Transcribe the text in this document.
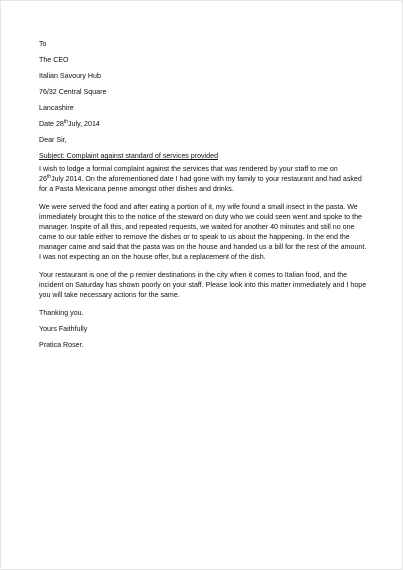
To
The CEO
Italian Savoury Hub
76/32 Central Square
Lancashire
Date 28thJuly, 2014
Dear Sir,
Subject: Complaint against standard of services provided
I wish to lodge a formal complaint against the services that was rendered by your staff to me on
26thJuly 2014. On the aforementioned date I had gone with my family to your restaurant and had asked for a Pasta Mexicana penne amongst other dishes and drinks.
We were served the food and after eating a portion of it, my wife found a small insect in the pasta. We immediately brought this to the notice of the steward on duty who we could seen went and spoke to the manager. Inspite of all this, and repeated requests, we waited for another 40 minutes and still no one came to our table either to remove the dishes or to speak to us about the happening. In the end the manager came and said that the pasta was on the house and handed us a bill for the rest of the amount. I was not expecting an on the house offer, but a replacement of the dish.
Your restaurant is one of the p remier destinations in the city when it comes to Italian food, and the incident on Saturday has shown poorly on your staff. Please look into this matter immediately and I hope you will take necessary actions for the same.
Thanking you.
Yours Faithfully
Pratica Roser.
